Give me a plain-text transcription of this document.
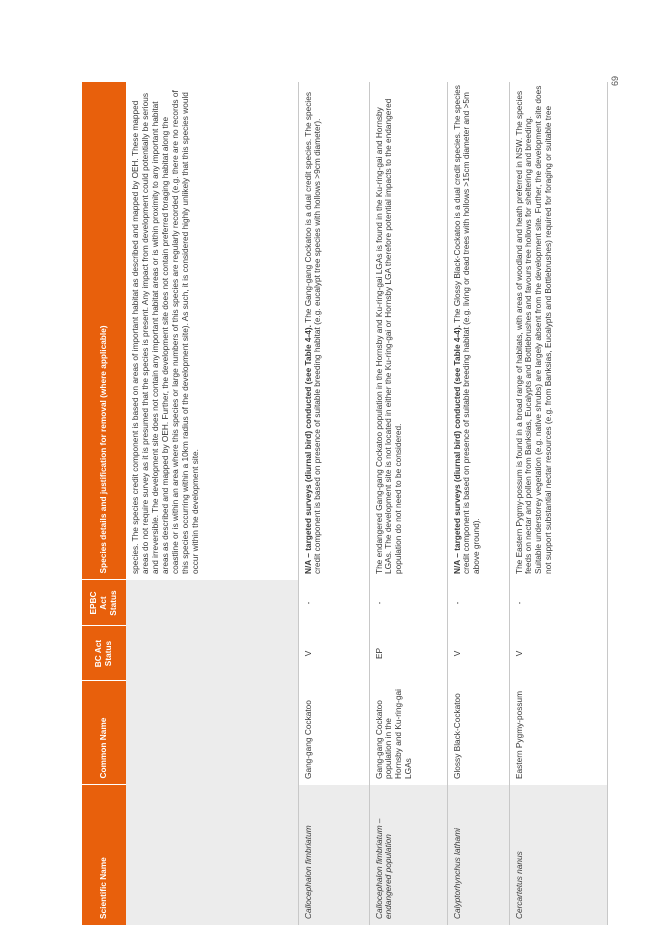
Scientific Name	Common Name	BC Act Status	EPBC Act Status	Species details and justification for removal (where applicable)
				species. The species credit component is based on areas of important habitat as described and mapped by OEH. These mapped areas do not require survey as it is presumed that the species is present. Any impact from development could potentially be serious and irreversible. The development site does not contain any important habitat areas or is within proximity to any important habitat areas as described and mapped by OEH. Further, the development site does not contain preferred foraging habitat along the coastline or is within an area where this species or large numbers of this species are regularly recorded (e.g. there are no records of this species occurring within a 10km radius of the development site). As such, it is considered highly unlikely that this species would occur within the development site.
Callocephalon fimbriatum	Gang-gang Cockatoo	V	-	N/A – targeted surveys (diurnal bird) conducted (see Table 4-4). The Gang-gang Cockatoo is a dual credit species. The species credit component is based on presence of suitable breeding habitat (e.g. eucalypt tree species with hollows >9cm diameter).
Callocephalon fimbriatum – endangered population	Gang-gang Cockatoo population in the Hornsby and Ku-ring-gai LGAs	EP	-	The endangered Gang-gang Cockatoo population in the Hornsby and Ku-ring-gai LGAs is found in the Ku-ring-gai and Hornsby LGAs. The development site is not located in either the Ku-ring-gai or Hornsby LGA therefore potential impacts to the endangered population do not need to be considered.
Calyptorhynchus lathami	Glossy Black-Cockatoo	V	-	N/A – targeted surveys (diurnal bird) conducted (see Table 4-4). The Glossy Black-Cockatoo is a dual credit species. The species credit component is based on presence of suitable breeding habitat (e.g. living or dead trees with hollows >15cm diameter and >5m above ground).
Cercartetus nanus	Eastern Pygmy-possum	V	-	The Eastern Pygmy-possum is found in a broad range of habitats, with areas of woodland and heath preferred in NSW. The species feeds on nectar and pollen from Banksias, Eucalypts and Bottlebrushes and favours tree hollows for sheltering and breeding. Suitable understorey vegetation (e.g. native shrubs) are largely absent from the development site. Further, the development site does not support substantial nectar resources (e.g. from Banksias, Eucalypts and Bottlebrushes) required for foraging or suitable tree
69
